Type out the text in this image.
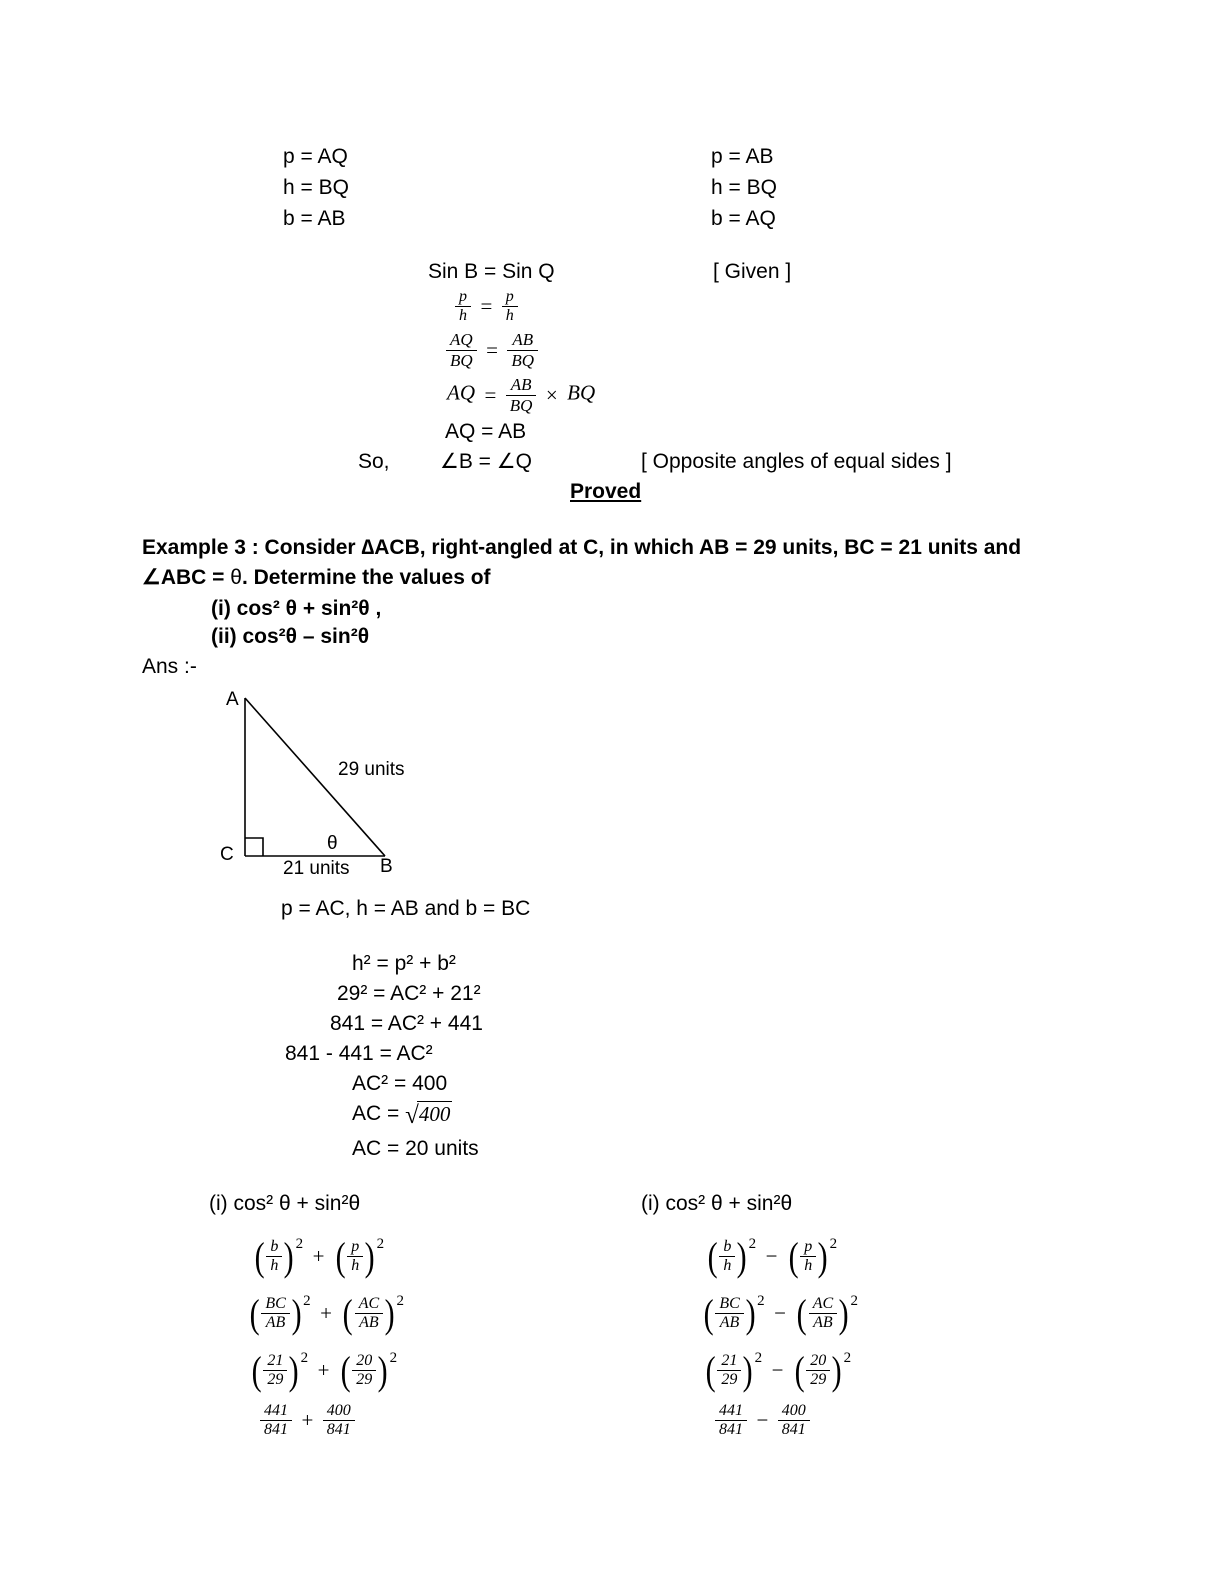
p = AQ
h = BQ
b = AB
p = AB
h = BQ
b = AQ
Sin B = Sin Q	[ Given ]
$\frac{p}{h} = \frac{p}{h}$
$\frac{AQ}{BQ} = \frac{AB}{BQ}$
AQ = $\frac{AB}{BQ}$ × BQ
AQ = AB
So, ∠B = ∠Q	[ Opposite angles of equal sides ]
Proved
Example 3 : Consider ∆ACB, right-angled at C, in which AB = 29 units, BC = 21 units and
∠ABC = θ. Determine the values of
(i) cos² θ + sin²θ ,
(ii) cos²θ – sin²θ
Ans :-
A
C
B
29 units
21 units
θ
p = AC, h = AB and b = BC
h² = p² + b²
29² = AC² + 21²
841 = AC² + 441
841 - 441 = AC²
AC² = 400
AC = √400
AC = 20 units
(i) cos² θ + sin²θ
( $\frac{b}{h}$ ) 2 + ( $\frac{p}{h}$ ) 2
( $\frac{BC}{AB}$ ) 2 + ( $\frac{AC}{AB}$ ) 2
( $\frac{21}{29}$ ) 2 + ( $\frac{20}{29}$ ) 2
$\frac{441}{841} + \frac{400}{841}$
(i) cos² θ + sin²θ
( $\frac{b}{h}$ ) 2 − ( $\frac{p}{h}$ ) 2
( $\frac{BC}{AB}$ ) 2 − ( $\frac{AC}{AB}$ ) 2
( $\frac{21}{29}$ ) 2 − ( $\frac{20}{29}$ ) 2
$\frac{441}{841} - \frac{400}{841}$
